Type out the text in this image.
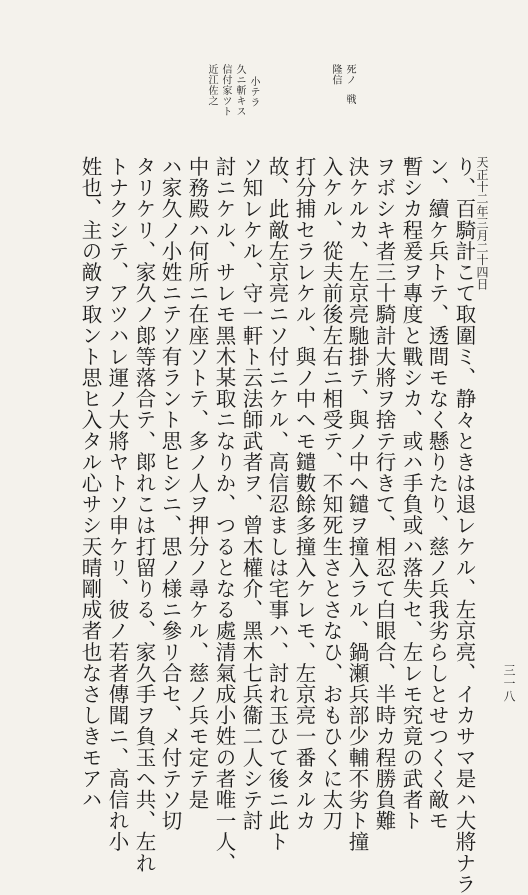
近江佐之 信付家ツト 久ニ斬キス 小テラ
隆信 死ノ
戦
天正十二年三月二十四日
三一八
り、百騎計こて取圍ミ、静々ときは退レケル、左京亮、イカサマ是ハ大將ナラ
ン、續ケ兵トテ、透間モなく懸りたり、慈ノ兵我劣らしとせつくく敵モ
暫シカ程爰ヲ專度と戰シカ、或ハ手負或ハ落失セ、左レモ究竟の武者ト
ヲボシキ者三十騎計大將ヲ捨テ行きて、相忍て白眼合、半時カ程勝負難
決ケルカ、左京亮馳掛テ、與ノ中ヘ鑓ヲ撞入ラル、鍋瀬兵部少輔不劣ト撞
入ケル、從夫前後左右ニ相受テ、不知死生さとさなひ、おもひくに太刀
打分捕セラレケル、與ノ中ヘモ鑓數餘多撞入ケレモ、左京亮一番タルカ
故、此敵左京亮ニソ付ニケル、高信忍ましは宅事ハ、討れ玉ひて後ニ此ト
ソ知レケル、守一軒ト云法師武者ヲ、曾木權介、黑木七兵衞二人シテ討
討ニケル、サレモ黑木某取ニなりか、つるとなる處清氣成小姓の者唯一人、
中務殿ハ何所ニ在座ソトテ、多ノ人ヲ押分ノ尋ケル、慈ノ兵モ定テ是
ハ家久ノ小姓ニテソ有ラント思ヒシニ、思ノ様ニ參リ合セ、メ付テソ切
タリケリ、家久ノ郞等落合テ、郞れこは打留りる、家久手ヲ負玉ヘ共、左れ
トナクシテ、アツハレ運ノ大將ヤトソ申ケリ、彼ノ若者傳聞ニ、高信れ小
姓也、主の敵ヲ取ント思ヒ入タル心サシ天晴剛成者也なさしきモアハ
